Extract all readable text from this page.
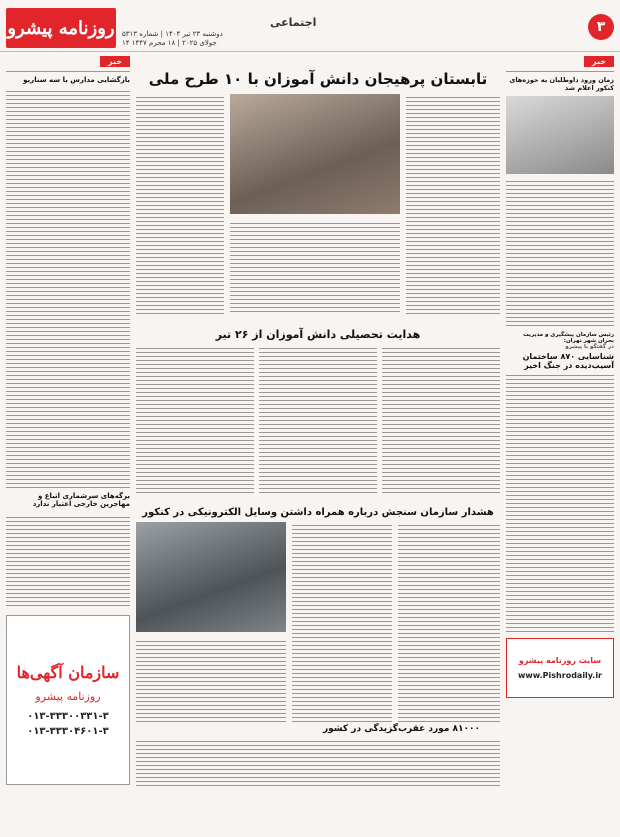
روزنامه پیشرو دوشنبه ۲۳ تیر ۱۴۰۴ | شماره ۵۳۱۳
۱۴ جولای ۲۰۲۵ | ۱۸ محرم ۱۴۴۷
اجتماعی	۳
خبر
بازگشایی مدارس با سه سناریو
برگه‌های سرشماری اتباع و مهاجرین خارجی اعتبار ندارد
سازمان آگهی‌ها
روزنامه پیشرو
۰۱۳-۳۳۳۰۰۳۳۱-۳
۰۱۳-۳۳۳۰۴۶۰۱-۳
تابستان پرهیجان دانش آموزان با ۱۰ طرح ملی
هدایت تحصیلی دانش آموزان از ۲۶ تیر
هشدار سازمان سنجش درباره همراه داشتن وسایل الکترونیکی در کنکور
۸۱۰۰۰ مورد عقرب‌گزیدگی در کشور
خبر
زمان ورود داوطلبان به حوزه‌های کنکور اعلام شد
رئیس سازمان پیشگیری و مدیریت بحران شهر تهران:
در گفتگو با پیشرو
شناسایی ۸۷۰ ساختمان آسیب‌دیده در جنگ اخیر
سایت روزنامه پیشرو
www.Pishrodaily.ir
